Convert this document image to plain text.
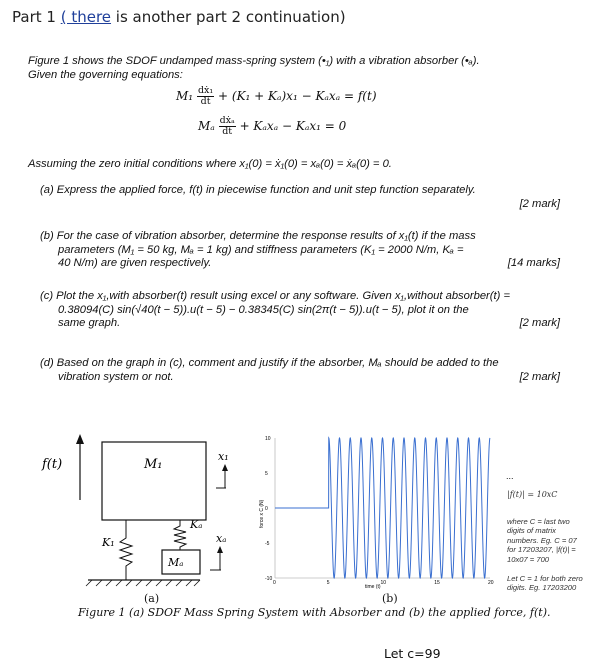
Part 1 ( there is another part 2 continuation)
Figure 1 shows the SDOF undamped mass-spring system (•₁) with a vibration absorber (•ₐ).
Given the governing equations:
$M_1 \frac{\text{dẋ₁}}{dt} + (K_1 + K_a)x_1 - K_ax_a = f(t)$
Mₐ $\frac{\text{dẋₐ}}{dt} + K_ax_a - K_ax_1 = 0$
Assuming the zero initial conditions where x₁(0) = ẋ₁(0) = xₐ(0) = ẋₐ(0) = 0.
(a) Express the applied force, f(t) in piecewise function and unit step function separately.
[2 mark]
(b) For the case of vibration absorber, determine the response results of x₁(t) if the mass
parameters (M₁ = 50 kg, Mₐ = 1 kg) and stiffness parameters (K₁ = 2000 N/m, Kₐ =
40 N/m) are given respectively.	[14 marks]
(c) Plot the x₁,with absorber(t) result using excel or any software. Given x₁,without absorber(t) =
0.38094(C) sin(√40(t − 5)).u(t − 5) − 0.38345(C) sin(2π(t − 5)).u(t − 5), plot it on the
same graph.	[2 mark]
(d) Based on the graph in (c), comment and justify if the absorber, Mₐ should be added to the
vibration system or not.	[2 mark]
f(t)	M₁
x₁
Kₐ
K₁	xₐ
Mₐ
0	5	10	15	20
10
5
0
-5
-10
time (t)
force x C (N)
...
|f(t)| = 10xC
where C = last two
digits of matrix
numbers. Eg. C = 07
for 17203207, |f(t)| =
10x07 = 700
Let C = 1 for both zero
digits. Eg. 17203200
(a)	(b)
Figure 1 (a) SDOF Mass Spring System with Absorber and (b) the applied force, f(t).
Let c=99
